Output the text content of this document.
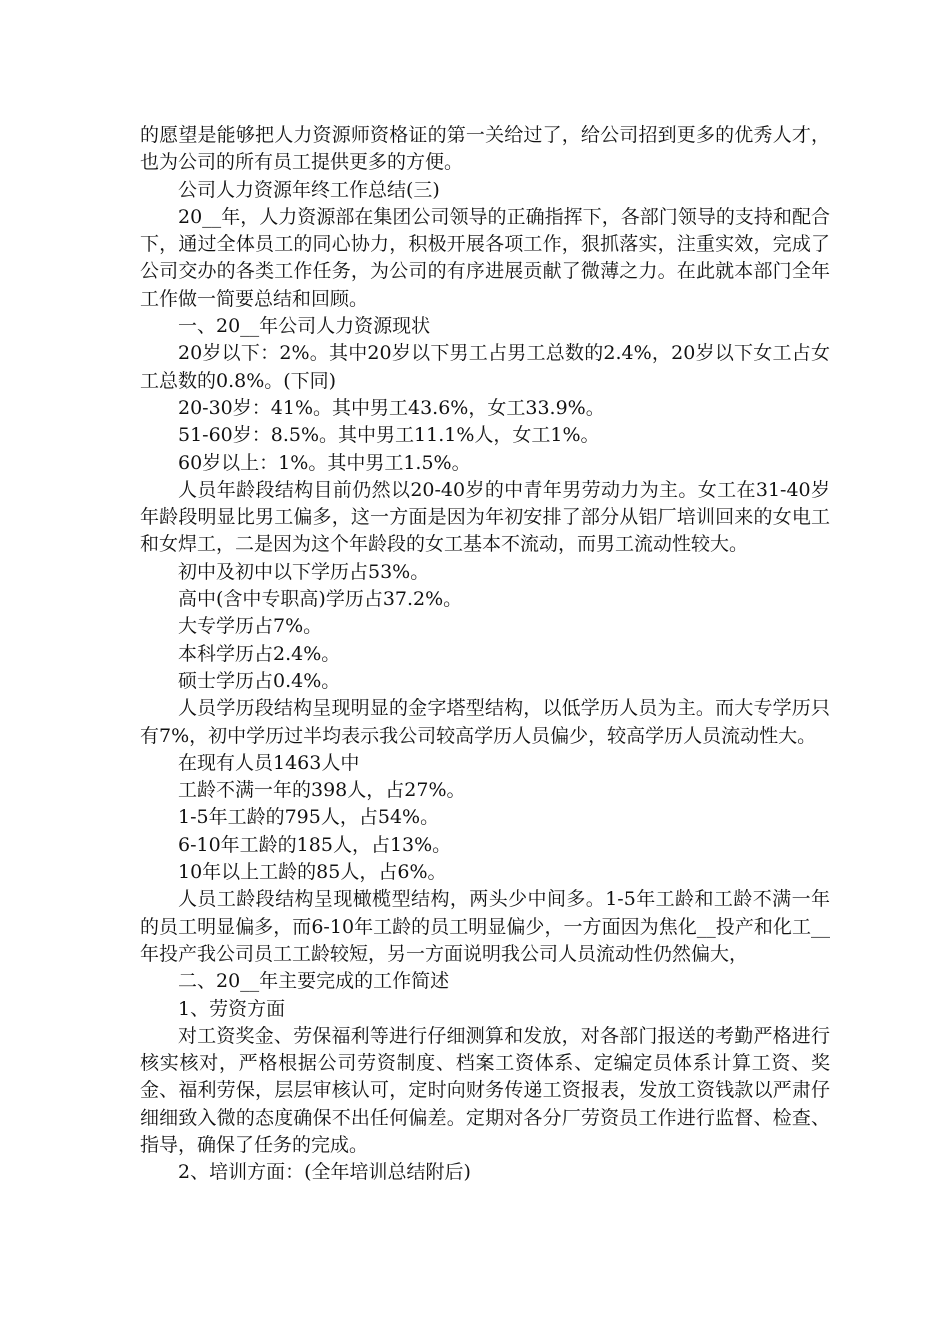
的愿望是能够把人力资源师资格证的第一关给过了，给公司招到更多的优秀人才，也为公司的所有员工提供更多的方便。

公司人力资源年终工作总结(三)

20__年，人力资源部在集团公司领导的正确指挥下，各部门领导的支持和配合下，通过全体员工的同心协力，积极开展各项工作，狠抓落实，注重实效，完成了公司交办的各类工作任务，为公司的有序进展贡献了微薄之力。在此就本部门全年工作做一简要总结和回顾。

一、20__年公司人力资源现状

20岁以下：2%。其中20岁以下男工占男工总数的2.4%，20岁以下女工占女工总数的0.8%。(下同)

20-30岁：41%。其中男工43.6%，女工33.9%。

51-60岁：8.5%。其中男工11.1%人，女工1%。

60岁以上：1%。其中男工1.5%。

人员年龄段结构目前仍然以20-40岁的中青年男劳动力为主。女工在31-40岁年龄段明显比男工偏多，这一方面是因为年初安排了部分从铝厂培训回来的女电工和女焊工，二是因为这个年龄段的女工基本不流动，而男工流动性较大。

初中及初中以下学历占53%。

高中(含中专职高)学历占37.2%。

大专学历占7%。

本科学历占2.4%。

硕士学历占0.4%。

人员学历段结构呈现明显的金字塔型结构，以低学历人员为主。而大专学历只有7%，初中学历过半均表示我公司较高学历人员偏少，较高学历人员流动性大。

在现有人员1463人中

工龄不满一年的398人，占27%。

1-5年工龄的795人，占54%。

6-10年工龄的185人，占13%。

10年以上工龄的85人，占6%。

人员工龄段结构呈现橄榄型结构，两头少中间多。1-5年工龄和工龄不满一年的员工明显偏多，而6-10年工龄的员工明显偏少，一方面因为焦化__投产和化工__年投产我公司员工工龄较短，另一方面说明我公司人员流动性仍然偏大，

二、20__年主要完成的工作简述

1、劳资方面

对工资奖金、劳保福利等进行仔细测算和发放，对各部门报送的考勤严格进行核实核对，严格根据公司劳资制度、档案工资体系、定编定员体系计算工资、奖金、福利劳保，层层审核认可，定时向财务传递工资报表，发放工资钱款以严肃仔细细致入微的态度确保不出任何偏差。定期对各分厂劳资员工作进行监督、检查、指导，确保了任务的完成。

2、培训方面：(全年培训总结附后)
